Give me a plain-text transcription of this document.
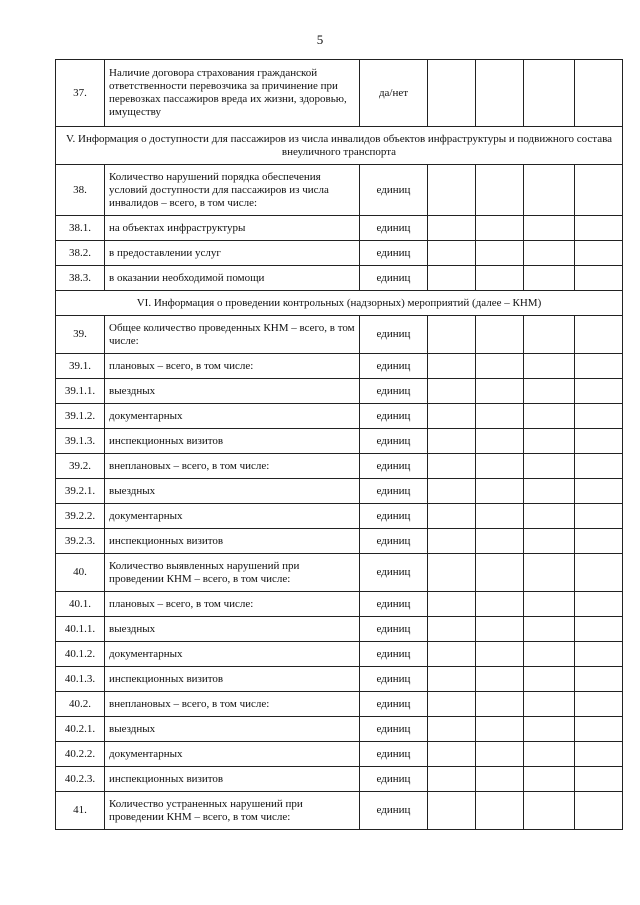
5
37.	Наличие договора страхования гражданской ответственности перевозчика за причинение при перевозках пассажиров вреда их жизни, здоровью, имуществу	да/нет				
V. Информация о доступности для пассажиров из числа инвалидов объектов инфраструктуры и подвижного состава внеуличного транспорта						
38.	Количество нарушений порядка обеспечения условий доступности для пассажиров из числа инвалидов – всего, в том числе:	единиц				
38.1.	на объектах инфраструктуры	единиц				
38.2.	в предоставлении услуг	единиц				
38.3.	в оказании необходимой помощи	единиц				
VI. Информация о проведении контрольных (надзорных) мероприятий (далее – КНМ)						
39.	Общее количество проведенных КНМ – всего, в том числе:	единиц				
39.1.	плановых – всего, в том числе:	единиц				
39.1.1.	выездных	единиц				
39.1.2.	документарных	единиц				
39.1.3.	инспекционных визитов	единиц				
39.2.	внеплановых – всего, в том числе:	единиц				
39.2.1.	выездных	единиц				
39.2.2.	документарных	единиц				
39.2.3.	инспекционных визитов	единиц				
40.	Количество выявленных нарушений при проведении КНМ – всего, в том числе:	единиц				
40.1.	плановых – всего, в том числе:	единиц				
40.1.1.	выездных	единиц				
40.1.2.	документарных	единиц				
40.1.3.	инспекционных визитов	единиц				
40.2.	внеплановых – всего, в том числе:	единиц				
40.2.1.	выездных	единиц				
40.2.2.	документарных	единиц				
40.2.3.	инспекционных визитов	единиц				
41.	Количество устраненных нарушений при проведении КНМ – всего, в том числе:	единиц				
